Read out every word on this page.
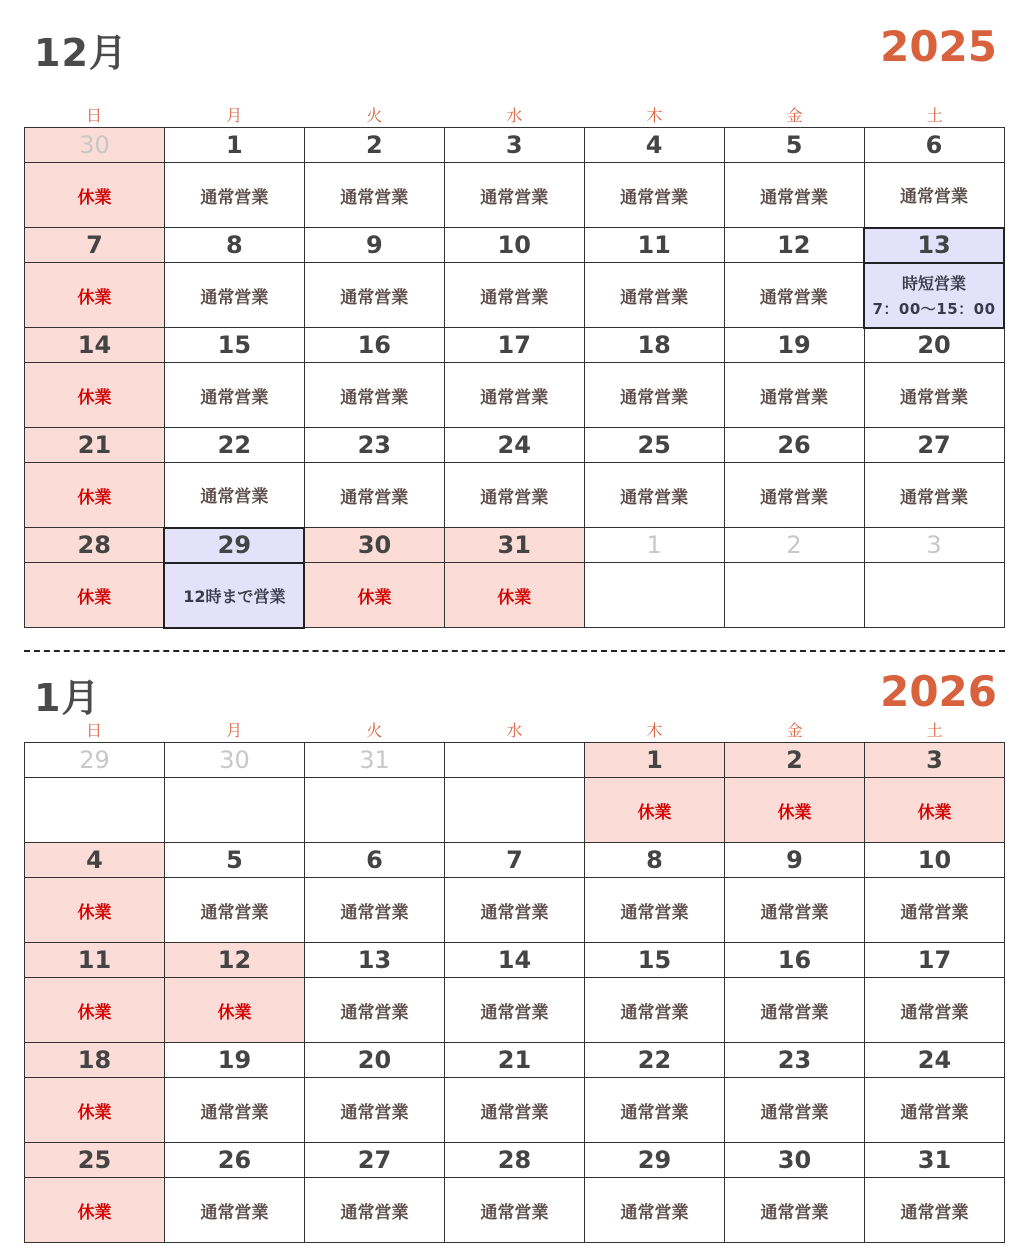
12月	2025
日	月	火	水	木	金	土
30	1	2	3	4	5	6
休業	通常営業	通常営業	通常営業	通常営業	通常営業	通常営業
7	8	9	10	11	12	13
休業	通常営業	通常営業	通常営業	通常営業	通常営業	時短営業
7：00～15：00

14	15	16	17	18	19	20
休業	通常営業	通常営業	通常営業	通常営業	通常営業	通常営業
21	22	23	24	25	26	27
休業	通常営業	通常営業	通常営業	通常営業	通常営業	通常営業
28	29	30	31	1	2	3
休業	12時まで営業	休業	休業			
1月	2026
日	月	火	水	木	金	土
29	30	31		1	2	3
				休業	休業	休業
4	5	6	7	8	9	10
休業	通常営業	通常営業	通常営業	通常営業	通常営業	通常営業
11	12	13	14	15	16	17
休業	休業	通常営業	通常営業	通常営業	通常営業	通常営業
18	19	20	21	22	23	24
休業	通常営業	通常営業	通常営業	通常営業	通常営業	通常営業
25	26	27	28	29	30	31
休業	通常営業	通常営業	通常営業	通常営業	通常営業	通常営業
